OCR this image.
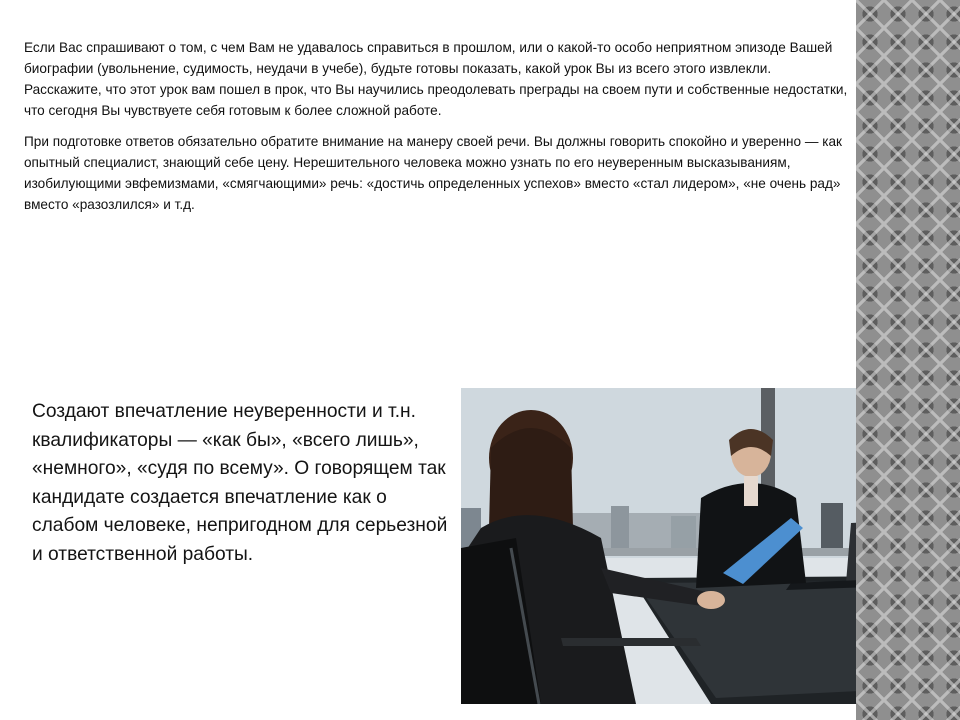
Если Вас спрашивают о том, с чем Вам не удавалось справиться в прошлом, или о какой-то особо неприятном эпизоде Вашей биографии (увольнение, судимость, неудачи в учебе), будьте готовы показать, какой урок Вы из всего этого извлекли. Расскажите, что этот урок вам пошел в прок, что Вы научились преодолевать преграды на своем пути и собственные недостатки, что сегодня Вы чувствуете себя готовым к более сложной работе.

При подготовке ответов обязательно обратите внимание на манеру своей речи. Вы должны говорить спокойно и уверенно — как опытный специалист, знающий себе цену. Нерешительного человека можно узнать по его неуверенным высказываниям, изобилующими эвфемизмами, «смягчающими» речь: «достичь определенных успехов» вместо «стал лидером», «не очень рад» вместо «разозлился» и т.д.

Создают впечатление неуверенности и т.н. квалификаторы — «как бы», «всего лишь», «немного», «судя по всему». О говорящем так кандидате создается впечатление как о слабом человеке, непригодном для серьезной и ответственной работы.
